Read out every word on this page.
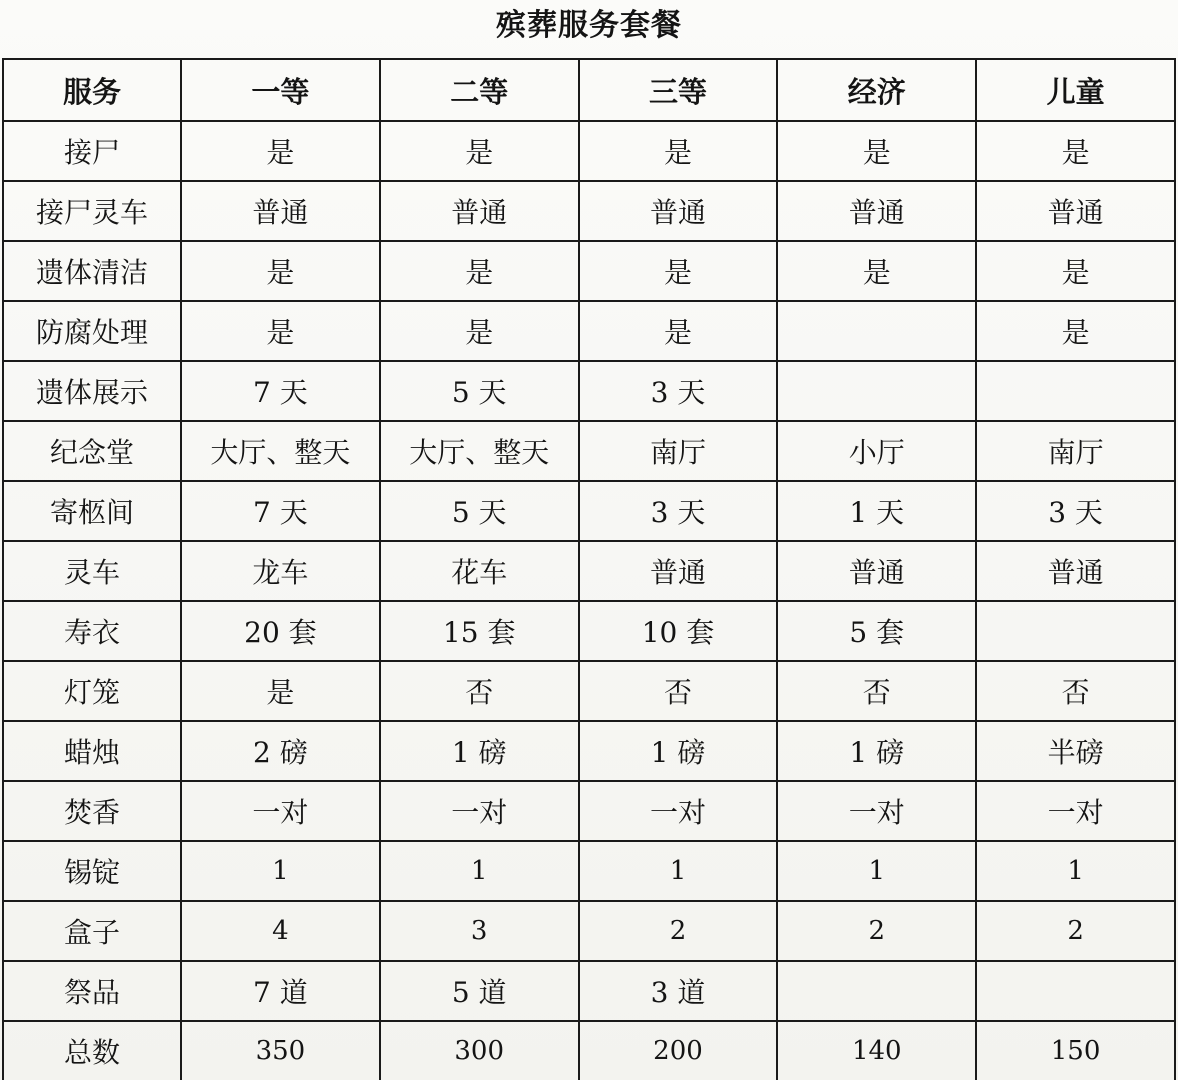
殡葬服务套餐
服务	一等	二等	三等	经济	儿童
接尸	是	是	是	是	是
接尸灵车	普通	普通	普通	普通	普通
遗体清洁	是	是	是	是	是
防腐处理	是	是	是		是
遗体展示	7 天	5 天	3 天		
纪念堂	大厅、整天	大厅、整天	南厅	小厅	南厅
寄柩间	7 天	5 天	3 天	1 天	3 天
灵车	龙车	花车	普通	普通	普通
寿衣	20 套	15 套	10 套	5 套	
灯笼	是	否	否	否	否
蜡烛	2 磅	1 磅	1 磅	1 磅	半磅
焚香	一对	一对	一对	一对	一对
锡锭	1	1	1	1	1
盒子	4	3	2	2	2
祭品	7 道	5 道	3 道		
总数	350	300	200	140	150
